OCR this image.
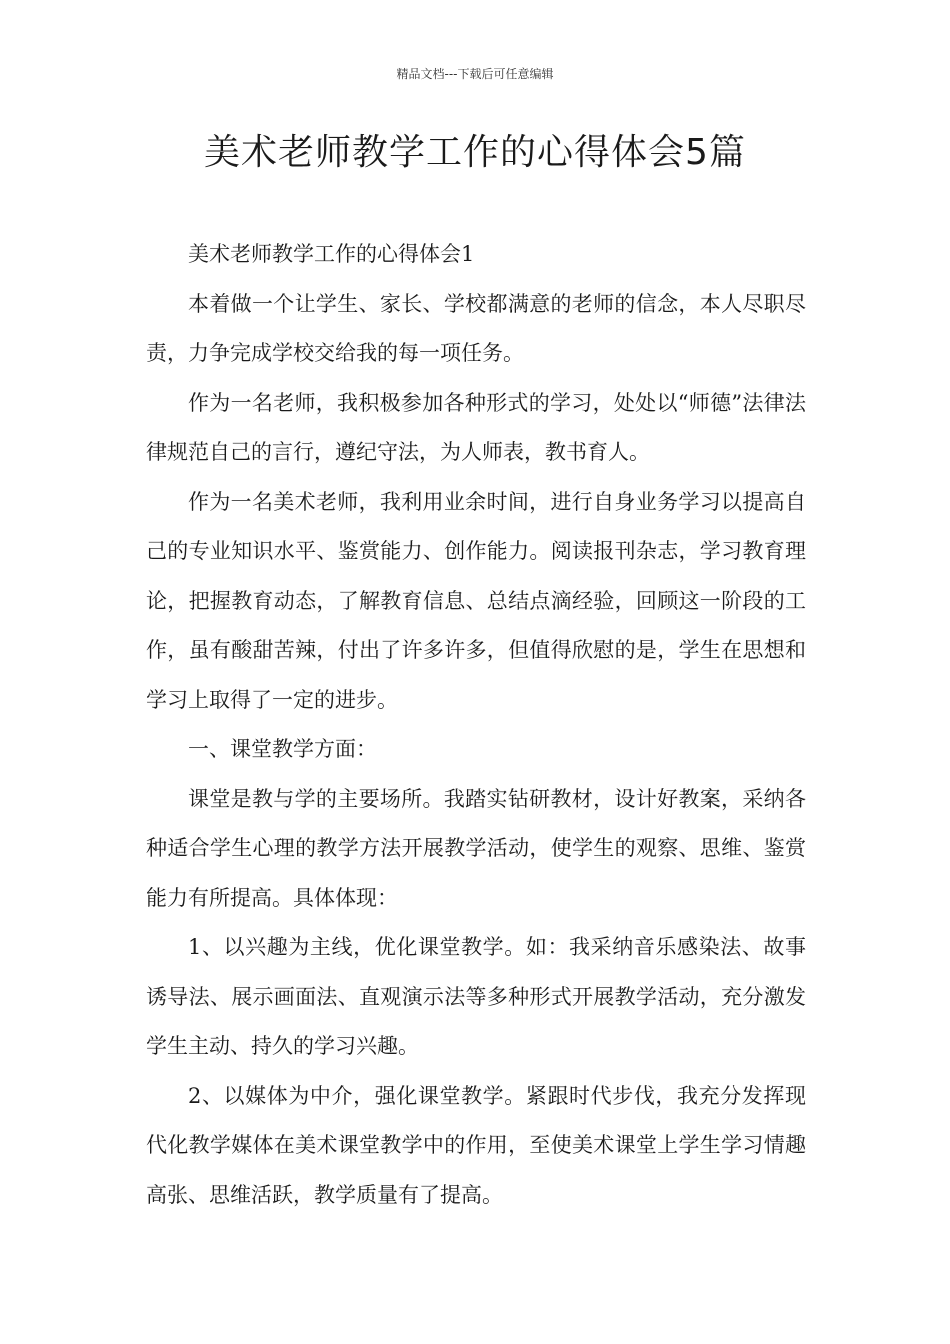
精品文档---下载后可任意编辑
美术老师教学工作的心得体会5篇

美术老师教学工作的心得体会1

本着做一个让学生、家长、学校都满意的老师的信念，本人尽职尽责，力争完成学校交给我的每一项任务。

作为一名老师，我积极参加各种形式的学习，处处以“师德”法律法律规范自己的言行，遵纪守法，为人师表，教书育人。

作为一名美术老师，我利用业余时间，进行自身业务学习以提高自己的专业知识水平、鉴赏能力、创作能力。阅读报刊杂志，学习教育理论，把握教育动态，了解教育信息、总结点滴经验，回顾这一阶段的工作，虽有酸甜苦辣，付出了许多许多，但值得欣慰的是，学生在思想和学习上取得了一定的进步。

一、课堂教学方面：

课堂是教与学的主要场所。我踏实钻研教材，设计好教案，采纳各种适合学生心理的教学方法开展教学活动，使学生的观察、思维、鉴赏能力有所提高。具体体现：

1、以兴趣为主线，优化课堂教学。如：我采纳音乐感染法、故事诱导法、展示画面法、直观演示法等多种形式开展教学活动，充分激发学生主动、持久的学习兴趣。

2、以媒体为中介，强化课堂教学。紧跟时代步伐，我充分发挥现代化教学媒体在美术课堂教学中的作用，至使美术课堂上学生学习情趣高张、思维活跃，教学质量有了提高。
